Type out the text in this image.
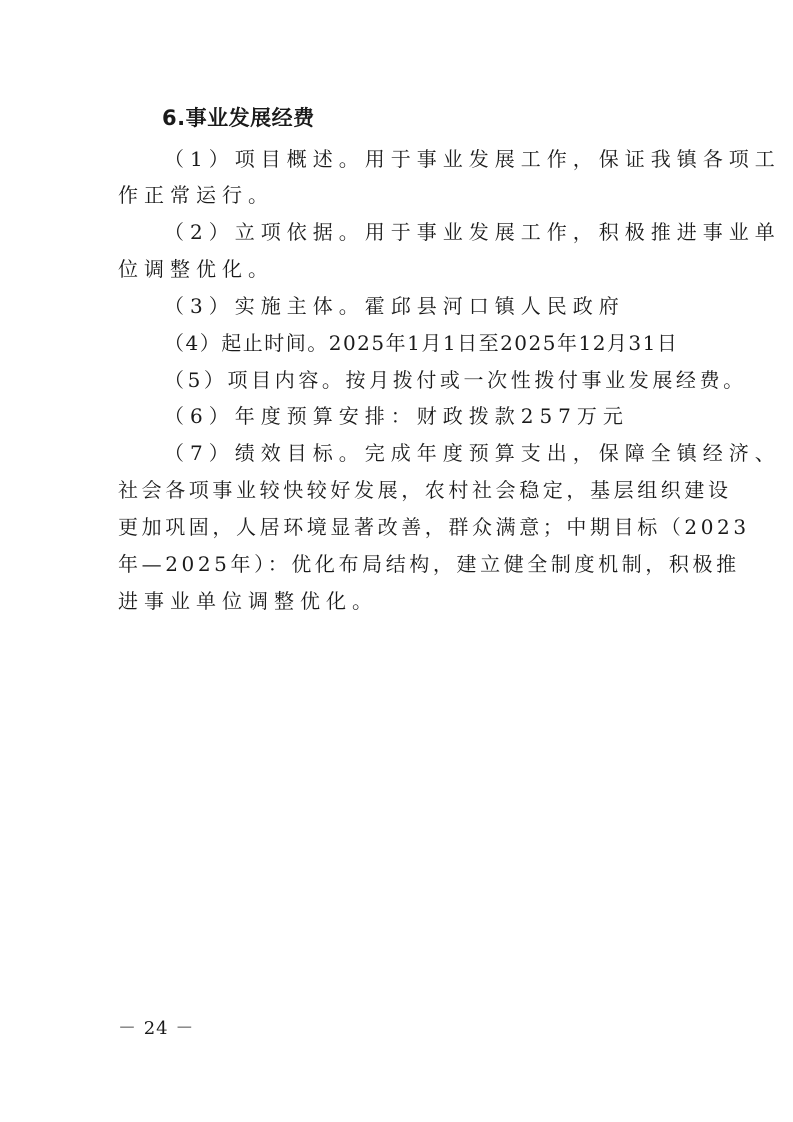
6.事业发展经费
（1）项目概述。用于事业发展工作，保证我镇各项工
作正常运行。
（2）立项依据。用于事业发展工作，积极推进事业单
位调整优化。
（3）实施主体。霍邱县河口镇人民政府
（4）起止时间。2025年1月1日至2025年12月31日
（5）项目内容。按月拨付或一次性拨付事业发展经费。
（6）年度预算安排：财政拨款257万元
（7）绩效目标。完成年度预算支出，保障全镇经济、
社会各项事业较快较好发展，农村社会稳定，基层组织建设
更加巩固，人居环境显著改善，群众满意；中期目标（2023
年—2025年）：优化布局结构，建立健全制度机制，积极推
进事业单位调整优化。
－ 24 －
